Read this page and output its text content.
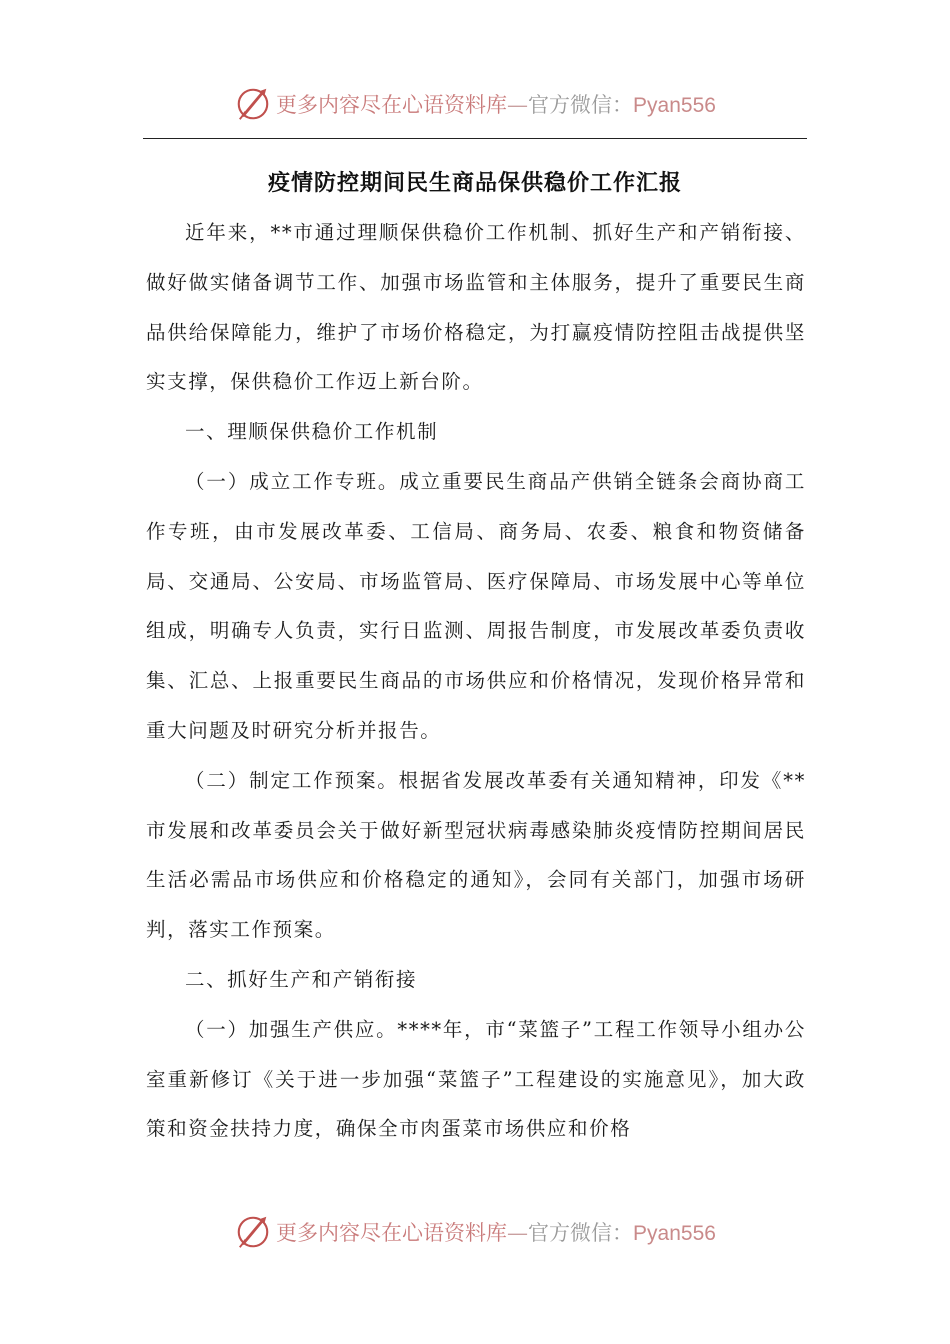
更多内容尽在心语资料库—官方微信：Pyan556
疫情防控期间民生商品保供稳价工作汇报

近年来，**市通过理顺保供稳价工作机制、抓好生产和产销衔接、做好做实储备调节工作、加强市场监管和主体服务，提升了重要民生商品供给保障能力，维护了市场价格稳定，为打赢疫情防控阻击战提供坚实支撑，保供稳价工作迈上新台阶。

一、理顺保供稳价工作机制

（一）成立工作专班。成立重要民生商品产供销全链条会商协商工作专班，由市发展改革委、工信局、商务局、农委、粮食和物资储备局、交通局、公安局、市场监管局、医疗保障局、市场发展中心等单位组成，明确专人负责，实行日监测、周报告制度，市发展改革委负责收集、汇总、上报重要民生商品的市场供应和价格情况，发现价格异常和重大问题及时研究分析并报告。

（二）制定工作预案。根据省发展改革委有关通知精神，印发《**市发展和改革委员会关于做好新型冠状病毒感染肺炎疫情防控期间居民生活必需品市场供应和价格稳定的通知》，会同有关部门，加强市场研判，落实工作预案。

二、抓好生产和产销衔接

（一）加强生产供应。****年，市“菜篮子”工程工作领导小组办公室重新修订《关于进一步加强“菜篮子”工程建设的实施意见》，加大政策和资金扶持力度，确保全市肉蛋菜市场供应和价格

更多内容尽在心语资料库—官方微信：Pyan556
